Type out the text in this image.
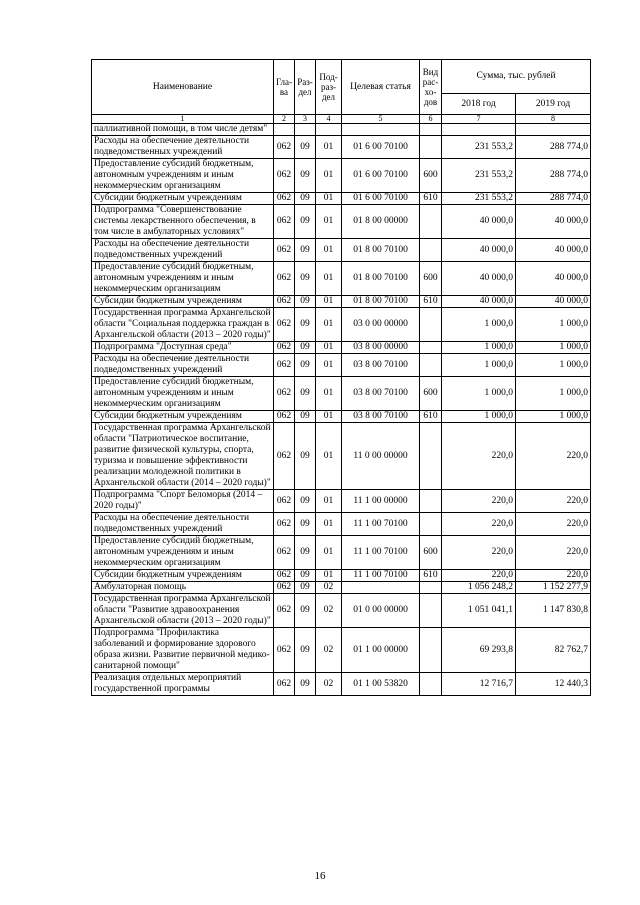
Наименование	Гла-ва	Раз-дел	Под-раз-дел	Целевая статья	Вид рас-хо-дов	Сумма, тыс. рублей	
						2018 год	2019 год
1	2	3	4	5	6	7	8
паллиативной помощи, в том числе детям"							
Расходы на обеспечение деятельности подведомственных учреждений	062	09	01	01 6 00 70100		231 553,2	288 774,0
Предоставление субсидий бюджетным, автономным учреждениям и иным некоммерческим организациям	062	09	01	01 6 00 70100	600	231 553,2	288 774,0
Субсидии бюджетным учреждениям	062	09	01	01 6 00 70100	610	231 553,2	288 774,0
Подпрограмма "Совершенствование системы лекарственного обеспечения, в том числе в амбулаторных условиях"	062	09	01	01 8 00 00000		40 000,0	40 000,0
Расходы на обеспечение деятельности подведомственных учреждений	062	09	01	01 8 00 70100		40 000,0	40 000,0
Предоставление субсидий бюджетным, автономным учреждениям и иным некоммерческим организациям	062	09	01	01 8 00 70100	600	40 000,0	40 000,0
Субсидии бюджетным учреждениям	062	09	01	01 8 00 70100	610	40 000,0	40 000,0
Государственная программа Архангельской области "Социальная поддержка граждан в Архангельской области (2013 – 2020 годы)"	062	09	01	03 0 00 00000		1 000,0	1 000,0
Подпрограмма "Доступная среда"	062	09	01	03 8 00 00000		1 000,0	1 000,0
Расходы на обеспечение деятельности подведомственных учреждений	062	09	01	03 8 00 70100		1 000,0	1 000,0
Предоставление субсидий бюджетным, автономным учреждениям и иным некоммерческим организациям	062	09	01	03 8 00 70100	600	1 000,0	1 000,0
Субсидии бюджетным учреждениям	062	09	01	03 8 00 70100	610	1 000,0	1 000,0
Государственная программа Архангельской области "Патриотическое воспитание, развитие физической культуры, спорта, туризма и повышение эффективности реализации молодежной политики в Архангельской области (2014 – 2020 годы)"	062	09	01	11 0 00 00000		220,0	220,0
Подпрограмма "Спорт Беломорья (2014 – 2020 годы)"	062	09	01	11 1 00 00000		220,0	220,0
Расходы на обеспечение деятельности подведомственных учреждений	062	09	01	11 1 00 70100		220,0	220,0
Предоставление субсидий бюджетным, автономным учреждениям и иным некоммерческим организациям	062	09	01	11 1 00 70100	600	220,0	220,0
Субсидии бюджетным учреждениям	062	09	01	11 1 00 70100	610	220,0	220,0
Амбулаторная помощь	062	09	02			1 056 248,2	1 152 277,9
Государственная программа Архангельской области "Развитие здравоохранения Архангельской области (2013 – 2020 годы)"	062	09	02	01 0 00 00000		1 051 041,1	1 147 830,8
Подпрограмма "Профилактика заболеваний и формирование здорового образа жизни. Развитие первичной медико-санитарной помощи"	062	09	02	01 1 00 00000		69 293,8	82 762,7
Реализация отдельных мероприятий государственной программы	062	09	02	01 1 00 53820		12 716,7	12 440,3
16
